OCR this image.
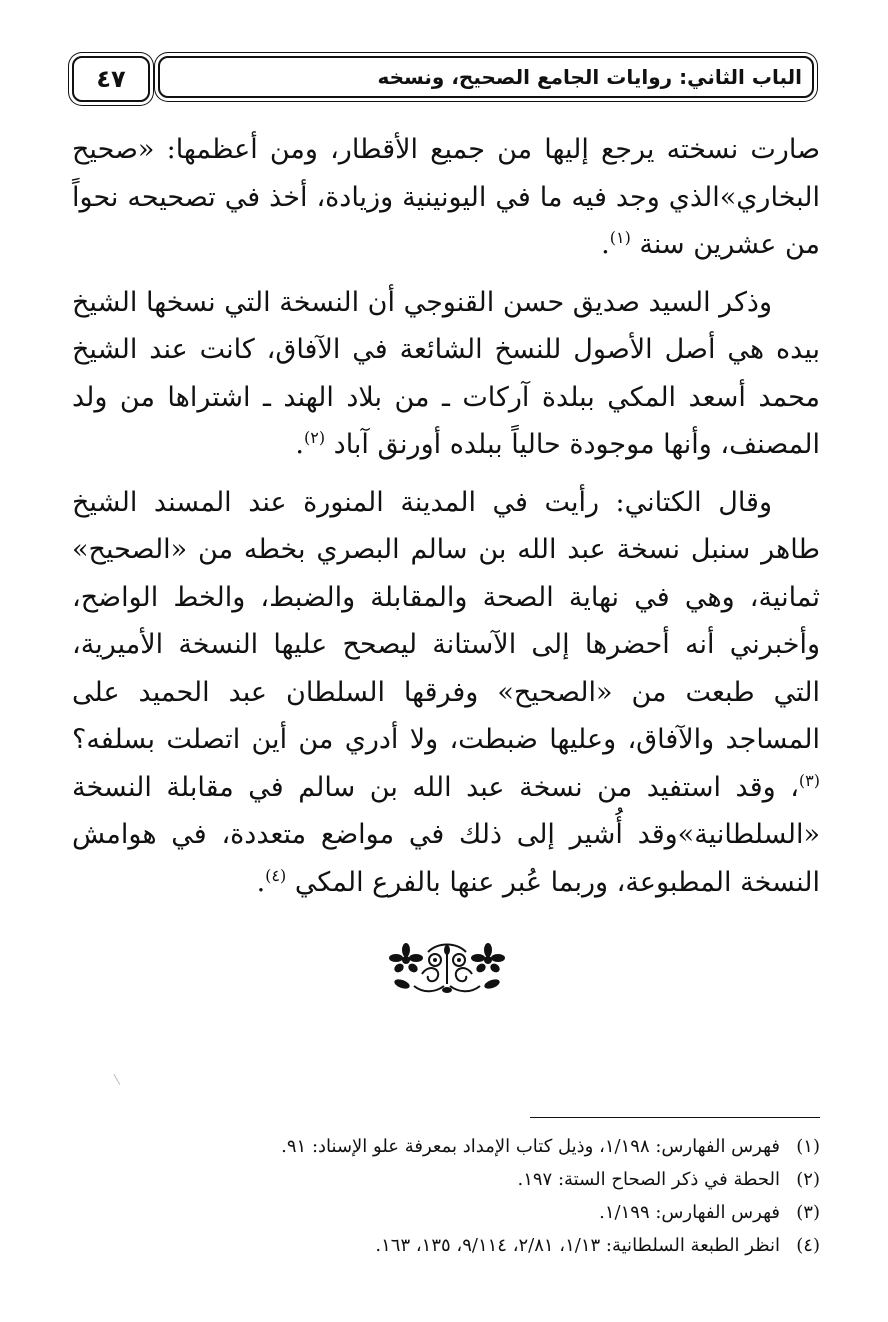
٤٧	الباب الثاني: روايات الجامع الصحيح، ونسخه

صارت نسخته يرجع إليها من جميع الأقطار، ومن أعظمها: «صحيح البخاري»الذي وجد فيه ما في اليونينية وزيادة، أخذ في تصحيحه نحواً من عشرين سنة $^{(١)}$.

وذكر السيد صديق حسن القنوجي أن النسخة التي نسخها الشيخ بيده هي أصل الأصول للنسخ الشائعة في الآفاق، كانت عند الشيخ محمد أسعد المكي ببلدة آركات ـ من بلاد الهند ـ اشتراها من ولد المصنف، وأنها موجودة حالياً ببلده أورنق آباد $^{(٢)}$.

وقال الكتاني: رأيت في المدينة المنورة عند المسند الشيخ طاهر سنبل نسخة عبد الله بن سالم البصري بخطه من «الصحيح» ثمانية، وهي في نهاية الصحة والمقابلة والضبط، والخط الواضح، وأخبرني أنه أحضرها إلى الآستانة ليصحح عليها النسخة الأميرية، التي طبعت من «الصحيح» وفرقها السلطان عبد الحميد على المساجد والآفاق، وعليها ضبطت، ولا أدري من أين اتصلت بسلفه؟ $^{(٣)}$، وقد استفيد من نسخة عبد الله بن سالم في مقابلة النسخة «السلطانية»وقد أُشير إلى ذلك في مواضع متعددة، في هوامش النسخة المطبوعة، وربما عُبر عنها بالفرع المكي $^{(٤)}$.

(١)
فهرس الفهارس: ١/١٩٨، وذيل كتاب الإمداد بمعرفة علو الإسناد: ٩١.
(٢)
الحطة في ذكر الصحاح الستة: ١٩٧.
(٣)
فهرس الفهارس: ١/١٩٩.
(٤)
انظر الطبعة السلطانية: ١/١٣، ٢/٨١، ٩/١١٤، ١٣٥، ١٦٣.
